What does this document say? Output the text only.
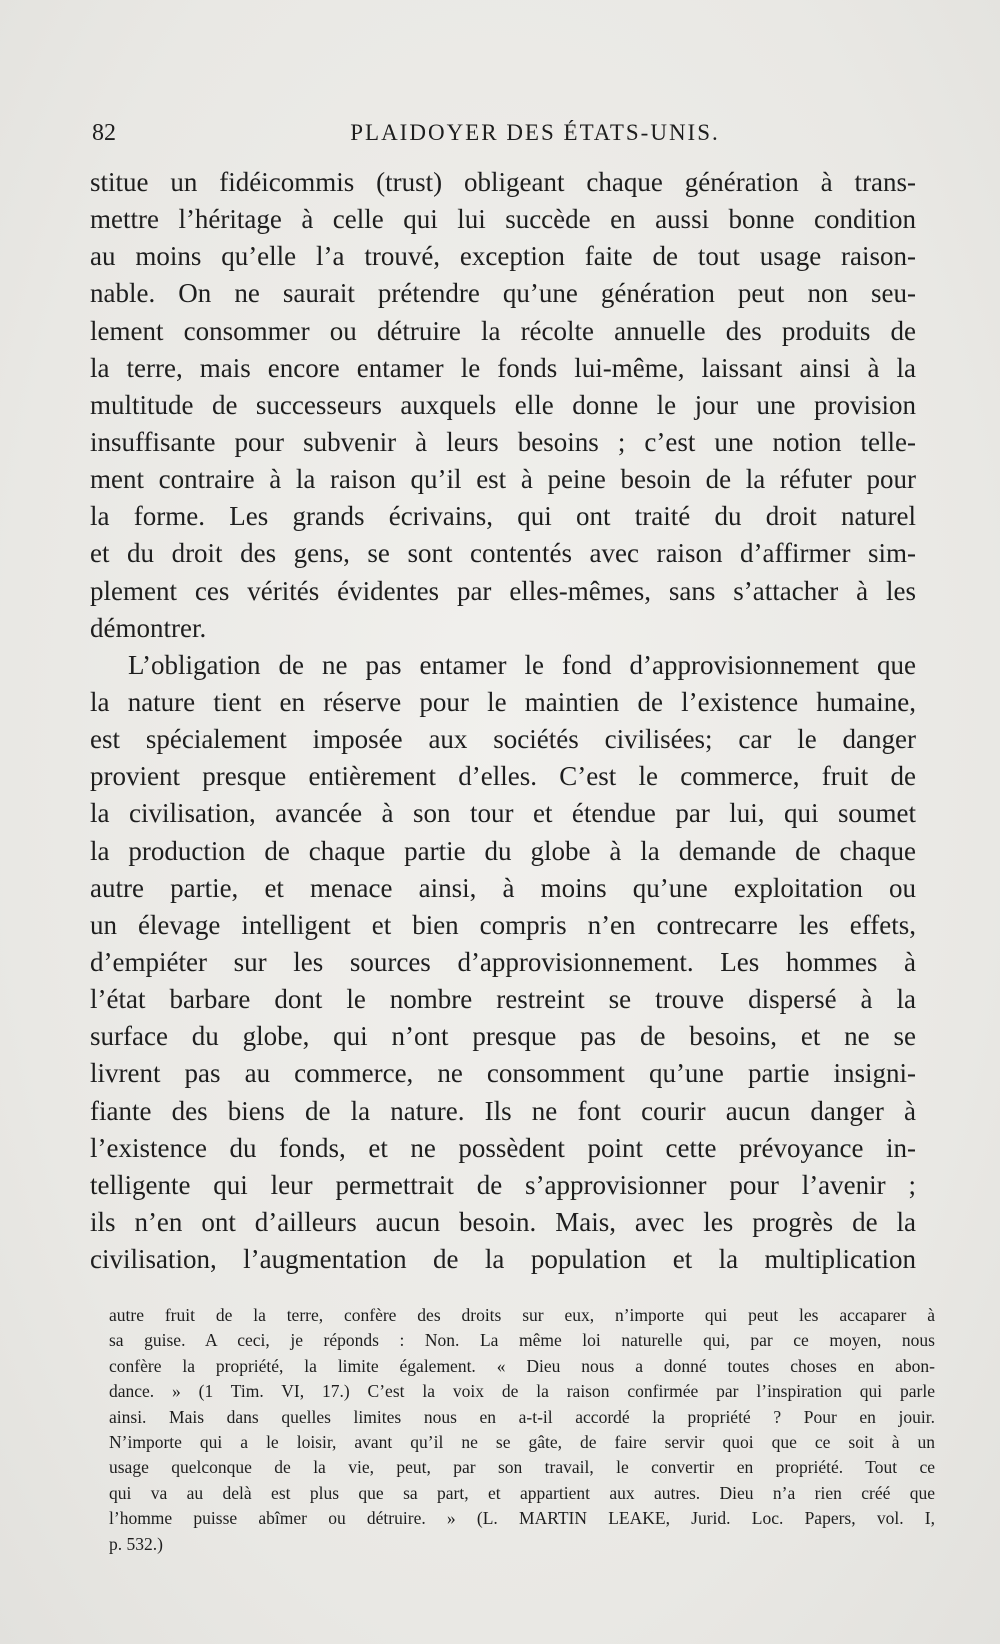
82	PLAIDOYER DES ÉTATS-UNIS.
stitue un fidéicommis (trust) obligeant chaque génération à trans-
mettre l’héritage à celle qui lui succède en aussi bonne condition
au moins qu’elle l’a trouvé, exception faite de tout usage raison-
nable. On ne saurait prétendre qu’une génération peut non seu-
lement consommer ou détruire la récolte annuelle des produits de
la terre, mais encore entamer le fonds lui-même, laissant ainsi à la
multitude de successeurs auxquels elle donne le jour une provision
insuffisante pour subvenir à leurs besoins ; c’est une notion telle-
ment contraire à la raison qu’il est à peine besoin de la réfuter pour
la forme. Les grands écrivains, qui ont traité du droit naturel
et du droit des gens, se sont contentés avec raison d’affirmer sim-
plement ces vérités évidentes par elles-mêmes, sans s’attacher à les
démontrer.
L’obligation de ne pas entamer le fond d’approvisionnement que
la nature tient en réserve pour le maintien de l’existence humaine,
est spécialement imposée aux sociétés civilisées; car le danger
provient presque entièrement d’elles. C’est le commerce, fruit de
la civilisation, avancée à son tour et étendue par lui, qui soumet
la production de chaque partie du globe à la demande de chaque
autre partie, et menace ainsi, à moins qu’une exploitation ou
un élevage intelligent et bien compris n’en contrecarre les effets,
d’empiéter sur les sources d’approvisionnement. Les hommes à
l’état barbare dont le nombre restreint se trouve dispersé à la
surface du globe, qui n’ont presque pas de besoins, et ne se
livrent pas au commerce, ne consomment qu’une partie insigni-
fiante des biens de la nature. Ils ne font courir aucun danger à
l’existence du fonds, et ne possèdent point cette prévoyance in-
telligente qui leur permettrait de s’approvisionner pour l’avenir ;
ils n’en ont d’ailleurs aucun besoin. Mais, avec les progrès de la
civilisation, l’augmentation de la population et la multiplication
autre fruit de la terre, confère des droits sur eux, n’importe qui peut les accaparer à
sa guise. A ceci, je réponds : Non. La même loi naturelle qui, par ce moyen, nous
confère la propriété, la limite également. « Dieu nous a donné toutes choses en abon-
dance. » (1 Tim. VI, 17.) C’est la voix de la raison confirmée par l’inspiration qui parle
ainsi. Mais dans quelles limites nous en a-t-il accordé la propriété ? Pour en jouir.
N’importe qui a le loisir, avant qu’il ne se gâte, de faire servir quoi que ce soit à un
usage quelconque de la vie, peut, par son travail, le convertir en propriété. Tout ce
qui va au delà est plus que sa part, et appartient aux autres. Dieu n’a rien créé que
l’homme puisse abîmer ou détruire. » (L. MARTIN LEAKE, Jurid. Loc. Papers, vol. I,
p. 532.)
